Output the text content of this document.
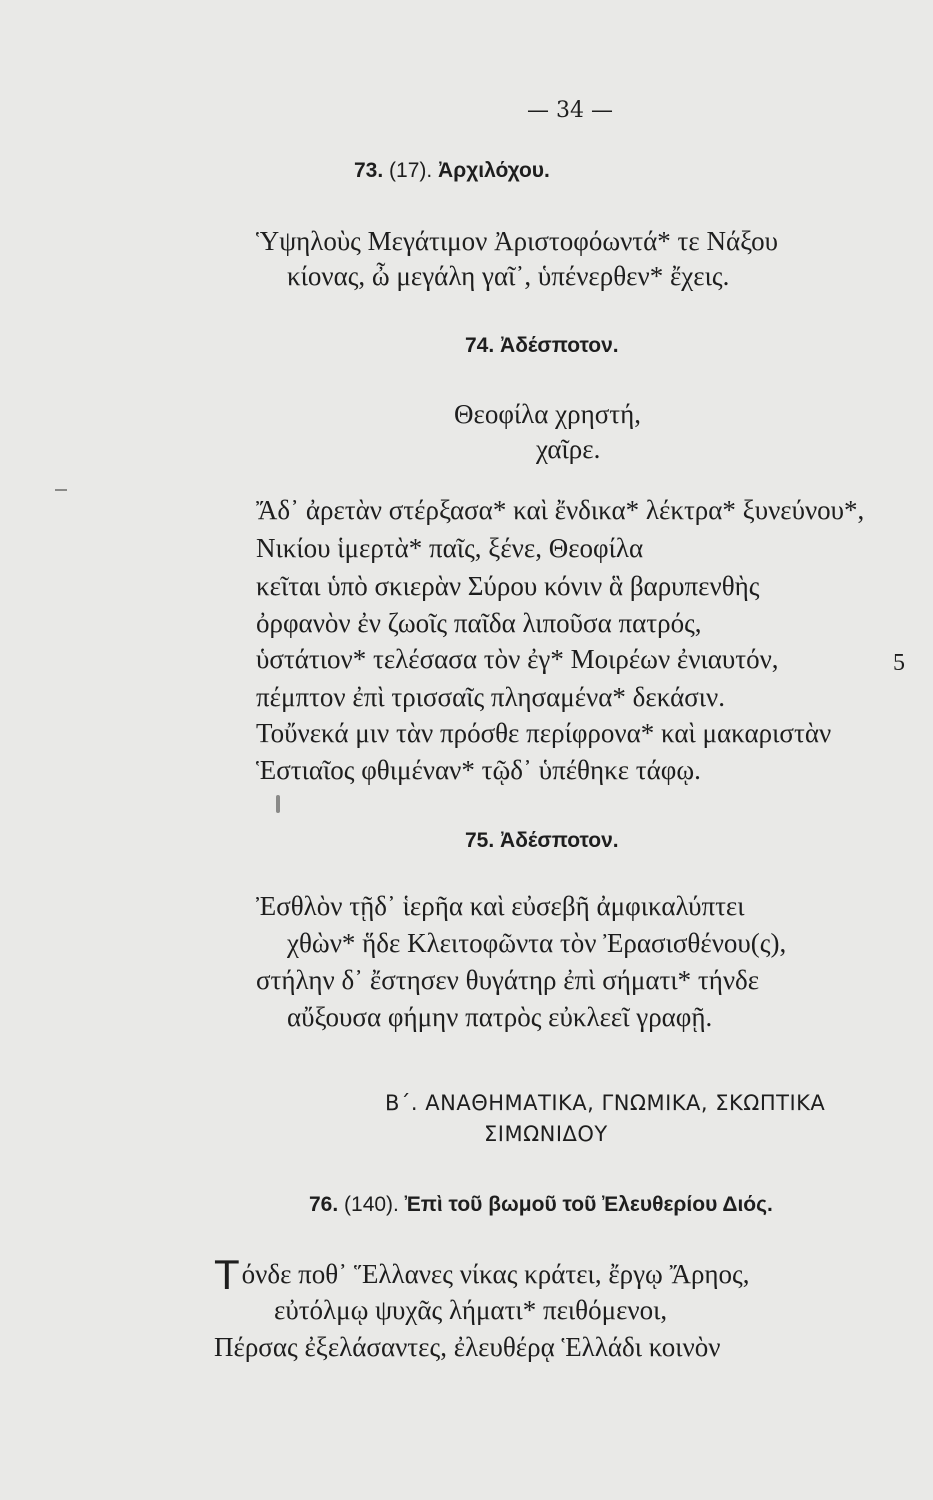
— 34 —
73. (17). Ἀρχιλόχου.
Ὑψηλοὺς Μεγάτιμον Ἀριστοφόωντά* τε Νάξου
κίονας, ὦ μεγάλη γαῖ᾽, ὑπένερθεν* ἔχεις.
74. Ἀδέσποτον.
Θεοφίλα χρηστή,
χαῖρε.
Ἄδ᾽ ἀρετὰν στέρξασα* καὶ ἔνδικα* λέκτρα* ξυνεύνου*,
Νικίου ἱμερτὰ* παῖς, ξένε, Θεοφίλα
κεῖται ὑπὸ σκιερὰν Σύρου κόνιν ἃ βαρυπενθὴς
ὀρφανὸν ἐν ζωοῖς παῖδα λιποῦσα πατρός,
ὑστάτιον* τελέσασα τὸν ἐγ* Μοιρέων ἐνιαυτόν,	5
πέμπτον ἐπὶ τρισσαῖς πλησαμένα* δεκάσιν.
Τοὔνεκά μιν τὰν πρόσθε περίφρονα* καὶ μακαριστὰν
Ἑστιαῖος φθιμέναν* τῷδ᾽ ὑπέθηκε τάφῳ.
75. Ἀδέσποτον.
Ἐσθλὸν τῇδ᾽ ἱερῆα καὶ εὐσεβῆ ἀμφικαλύπτει
χθὼν* ἥδε Κλειτοφῶντα τὸν Ἐρασισθένου(ς),
στήλην δ᾽ ἔστησεν θυγάτηρ ἐπὶ σήματι* τήνδε
αὔξουσα φήμην πατρὸς εὐκλεεῖ γραφῇ.
Β΄. ΑΝΑΘΗΜΑΤΙΚΑ, ΓΝΩΜΙΚΑ, ΣΚΩΠΤΙΚΑ
ΣΙΜΩΝΙΔΟΥ
76. (140). Ἐπὶ τοῦ βωμοῦ τοῦ Ἐλευθερίου Διός.
Τόνδε ποθ᾽ Ἕλλανες νίκας κράτει, ἔργῳ Ἄρηος,
εὐτόλμῳ ψυχᾶς λήματι* πειθόμενοι,
Πέρσας ἐξελάσαντες, ἐλευθέρᾳ Ἑλλάδι κοινὸν
